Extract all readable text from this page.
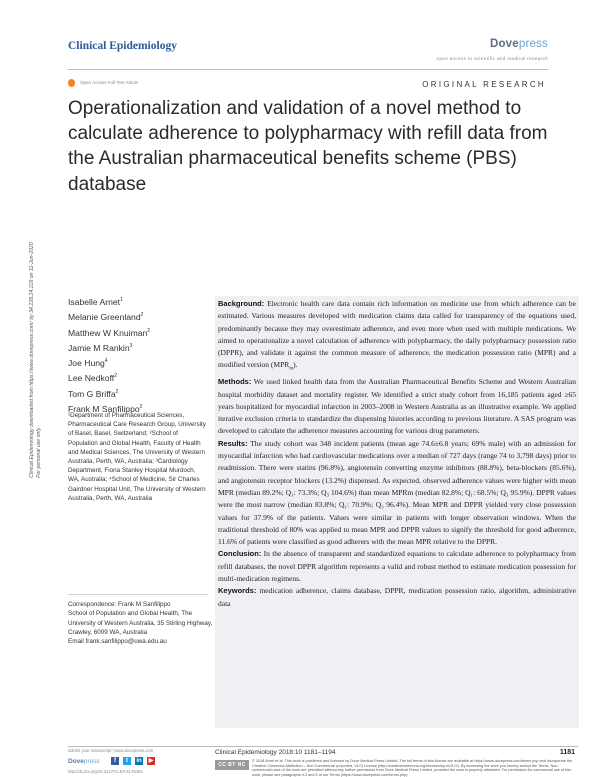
Clinical Epidemiology	Dovepress
open access to scientific and medical research
Open Access Full Text Article	ORIGINAL RESEARCH
Operationalization and validation of a novel method to calculate adherence to polypharmacy with refill data from the Australian pharmaceutical benefits scheme (PBS) database
Clinical Epidemiology downloaded from https://www.dovepress.com/ by 34.228.24.229 on 11-Jun-2020 For personal use only.
Isabelle Arnet$^1$
Melanie Greenland$^2$
Matthew W Knuiman$^2$
Jamie M Rankin$^3$
Joe Hung$^4$
Lee Nedkoff$^2$
Tom G Briffa$^2$
Frank M Sanfilippo$^2$
¹Department of Pharmaceutical Sciences, Pharmaceutical Care Research Group, University of Basel, Basel, Switzerland; ²School of Population and Global Health, Faculty of Health and Medical Sciences, The University of Western Australia, Perth, WA, Australia; ³Cardiology Department, Fiona Stanley Hospital Murdoch, WA, Australia; ⁴School of Medicine, Sir Charles Gairdner Hospital Unit, The University of Western Australia, Perth, WA, Australia
Correspondence: Frank M Sanfilippo
School of Population and Global Health, The University of Western Australia, 35 Stirling Highway, Crawley, 6009 WA, Australia
Email frank.sanfilippo@uwa.edu.au

Background: Electronic health care data contain rich information on medicine use from which adherence can be estimated. Various measures developed with medication claims data called for transparency of the equations used, predominantly because they may overestimate adherence, and even more when used with multiple medications. We aimed to operationalize a novel calculation of adherence with polypharmacy, the daily polypharmacy possession ratio (DPPR), and validate it against the common measure of adherence, the medication possession ratio (MPR) and a modified version $(MPR_m)$.

Methods: We used linked health data from the Australian Pharmaceutical Benefits Scheme and Western Australian hospital morbidity dataset and mortality register. We identified a strict study cohort from 16,185 patients aged ≥65 years hospitalized for myocardial infarction in 2003–2008 in Western Australia as an illustrative example. We applied iterative exclusion criteria to standardize the dispensing histories according to previous literature. A SAS program was developed to calculate the adherence measures accounting for various drug parameters.

Results: The study cohort was 348 incident patients (mean age 74.6±6.8 years; 69% male) with an admission for myocardial infarction who had cardiovascular medications over a median of 727 days (range 74 to 3,798 days) prior to readmission. There were statins (96.8%), angiotensin converting enzyme inhibitors (88.8%), beta-blockers (85.6%), and angiotensin receptor blockers (13.2%) dispensed. As expected, observed adherence values were higher with mean MPR (median 89.2%; Q₁: 73.3%; Q₃ 104.6%) than mean MPRm (median 82.8%; Q₁: 68.5%; Q₃ 95.9%). DPPR values were the most narrow (median 83.8%; Q₁: 70.9%; Q₃ 96.4%). Mean MPR and DPPR yielded very close possession values for 37.9% of the patients. Values were similar in patients with longer observation windows. When the traditional threshold of 80% was applied to mean MPR and DPPR values to signify the threshold for good adherence, 11.6% of patients were classified as good adherers with the mean MPR relative to the DPPR.

Conclusion: In the absence of transparent and standardized equations to calculate adherence to polypharmacy from refill databases, the novel DPPR algorithm represents a valid and robust method to estimate medication possession for multi-medication regimens.

Keywords: medication adherence, claims database, DPPR, medication possession ratio, algorithm, administrative data

submit your manuscript | www.dovepress.com
Dovepress	f	t	in ▶
http://dx.doi.org/10.2147/CLEP.S176494
Clinical Epidemiology 2018:10 1181–1194	1181
CC BY NC
© 2018 Arnet et al. This work is published and licensed by Dove Medical Press Limited. The full terms of this license are available at https://www.dovepress.com/terms.php and incorporate the Creative Commons Attribution – Non Commercial (unported, v3.0) License (http://creativecommons.org/licenses/by-nc/3.0/). By accessing the work you hereby accept the Terms. Non-commercial uses of the work are permitted without any further permission from Dove Medical Press Limited, provided the work is properly attributed. For permission for commercial use of this work, please see paragraphs 4.2 and 5 of our Terms (https://www.dovepress.com/terms.php).
